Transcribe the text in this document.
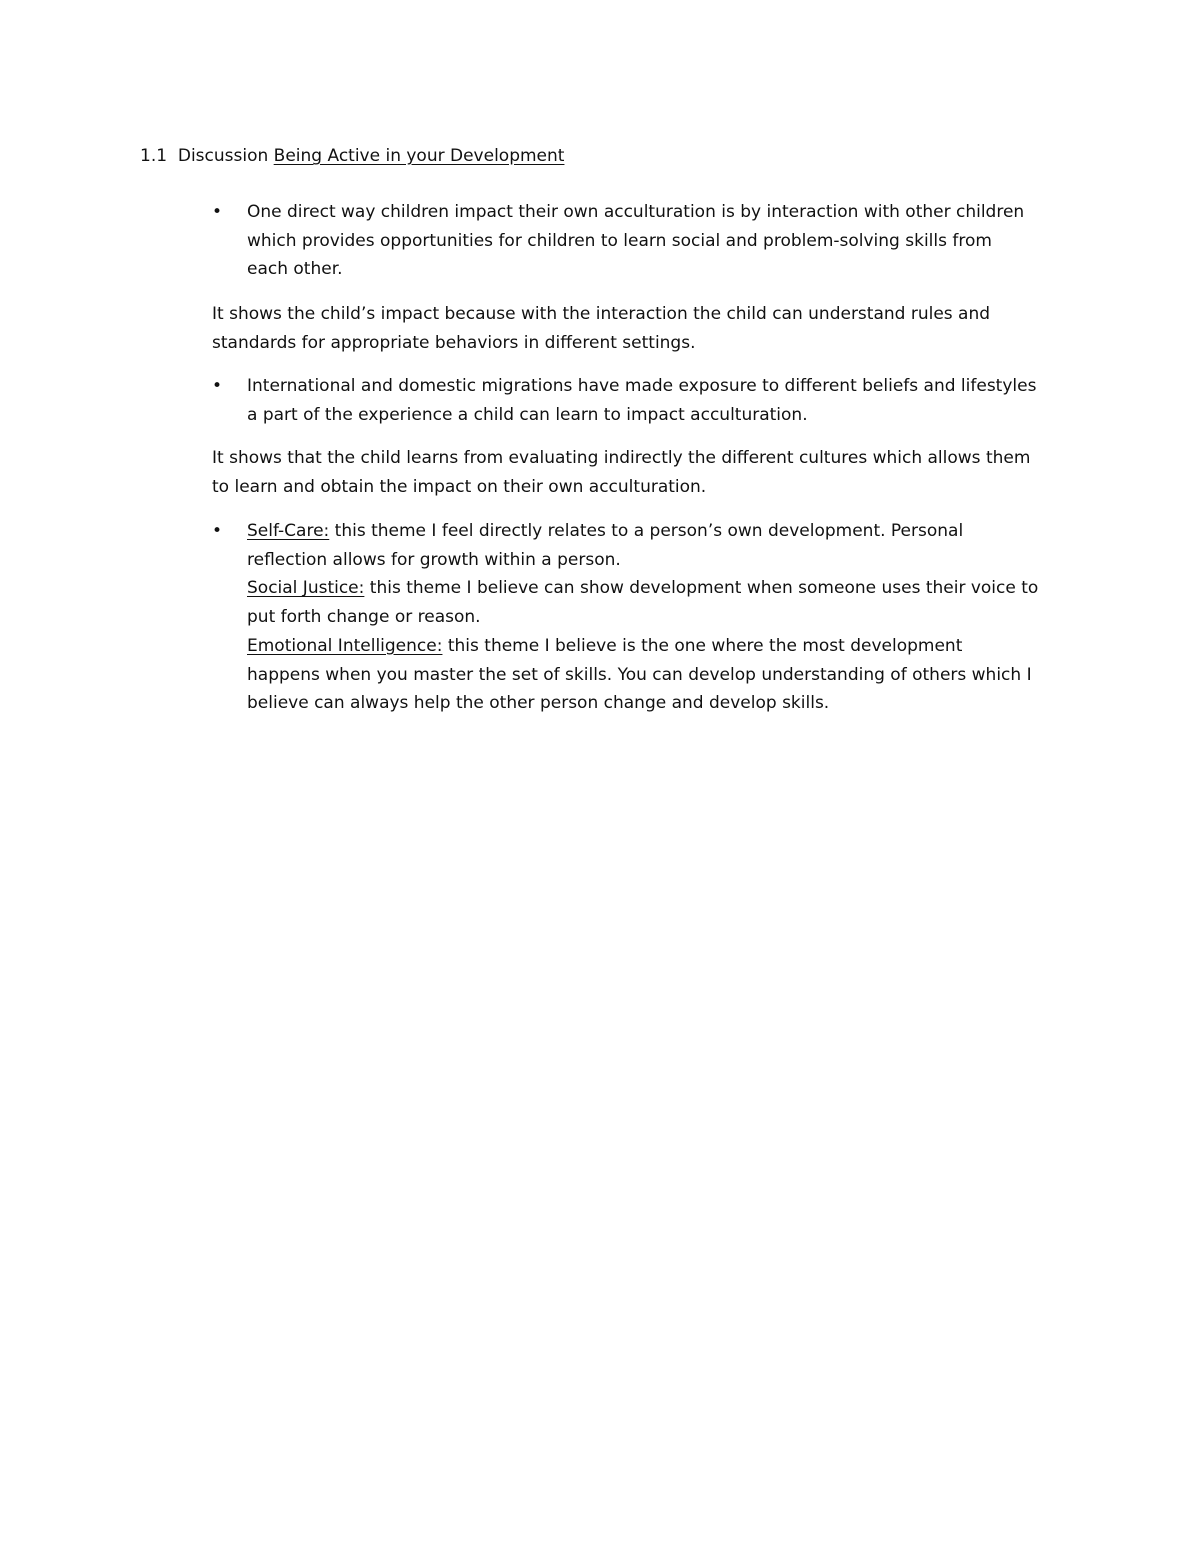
1.1 Discussion Being Active in your Development
•	One direct way children impact their own acculturation is by interaction with other children
which provides opportunities for children to learn social and problem-solving skills from
each other.
It shows the child’s impact because with the interaction the child can understand rules and
standards for appropriate behaviors in different settings.
•	International and domestic migrations have made exposure to different beliefs and lifestyles
a part of the experience a child can learn to impact acculturation.
It shows that the child learns from evaluating indirectly the different cultures which allows them
to learn and obtain the impact on their own acculturation.
•	Self-Care: this theme I feel directly relates to a person’s own development. Personal
reflection allows for growth within a person.
Social Justice: this theme I believe can show development when someone uses their voice to
put forth change or reason.
Emotional Intelligence: this theme I believe is the one where the most development
happens when you master the set of skills. You can develop understanding of others which I
believe can always help the other person change and develop skills.
